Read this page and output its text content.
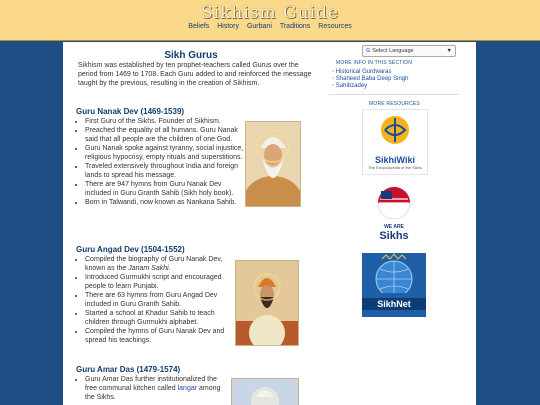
Sikhism Guide
Beliefs History Gurbani Traditions Resources
Sikh Gurus

Sikhism was established by ten prophet-teachers called Gurus over the period from 1469 to 1708. Each Guru added to and reinforced the message taught by the previous, resulting in the creation of Sikhism.

Guru Nanak Dev (1469-1539)
• First Guru of the Sikhs. Founder of Sikhism.
• Preached the equality of all humans. Guru Nanak said that all people are the children of one God.
• Guru Nanak spoke against tyranny, social injustice, religious hypocrisy, empty rituals and superstitions.
• Traveled extensively throughout India and foreign lands to spread his message.
• There are 947 hymns from Guru Nanak Dev included in Guru Granth Sahib (Sikh holy book).
• Born in Talwandi, now known as Nankana Sahib.
Guru Angad Dev (1504-1552)
• Compiled the biography of Guru Nanak Dev, known as the Janam Sakhi.
• Introduced Gurmukhi script and encouraged people to learn Punjabi.
• There are 63 hymns from Guru Angad Dev included in Guru Granth Sahib.
• Started a school at Khadur Sahib to teach children through Gurmukhi alphabet.
• Compiled the hymns of Guru Nanak Dev and spread his teachings.
Guru Amar Das (1479-1574)
• Guru Amar Das further institutionalized the free communal kitchen called langar among the Sikhs.
G Select Language	▼
MORE INFO IN THIS SECTION
◦ Historical Gurdwaras
◦ Shaheed Baba Deep Singh
◦ Sahibzadey
MORE RESOURCES
SikhiWiki
The Encyclopedia of the Sikhs
WE ARE
Sikhs
SikhNet
